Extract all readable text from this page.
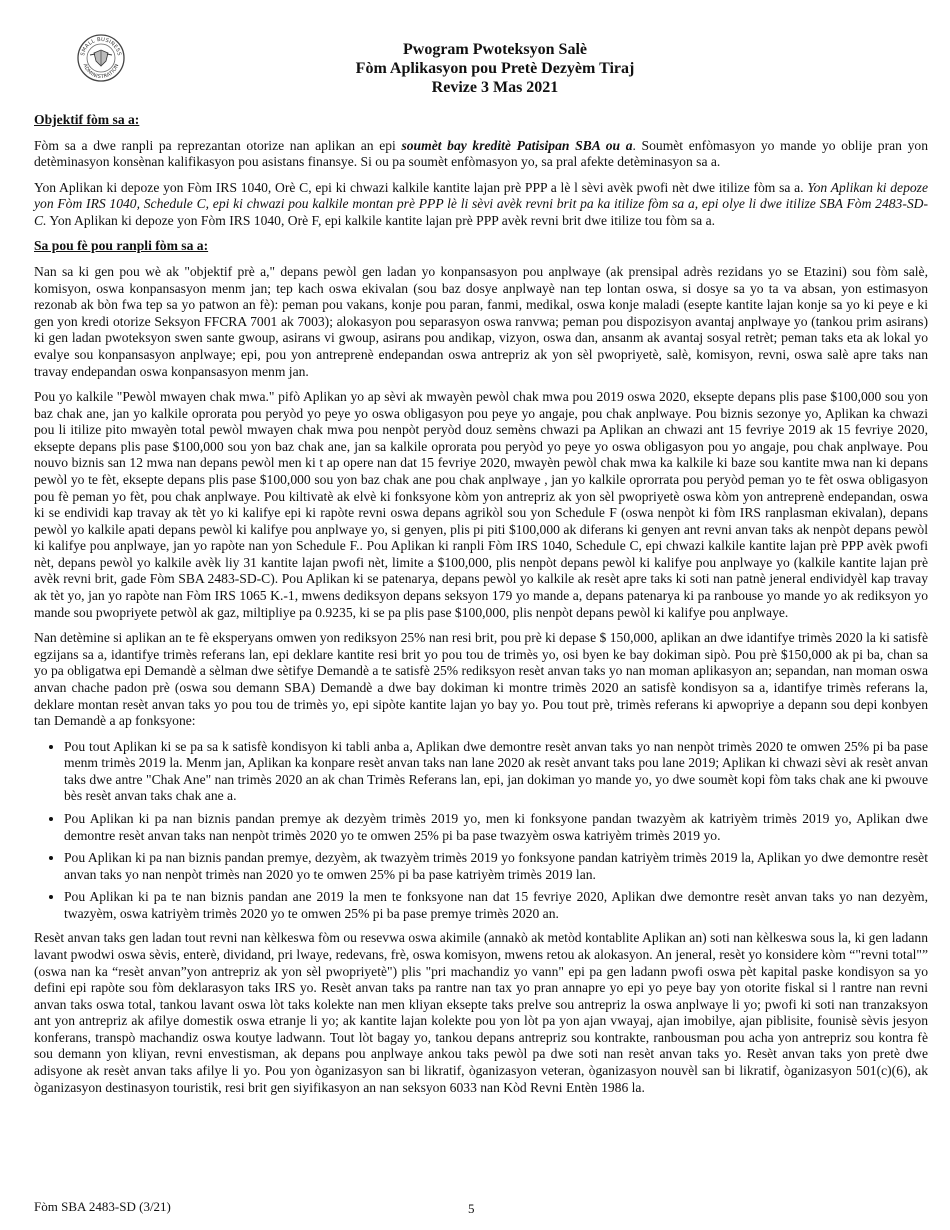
SMALL BUSINESS
ADMINISTRATION
Pwogram Pwoteksyon Salè
Fòm Aplikasyon pou Pretè Dezyèm Tiraj
Revize 3 Mas 2021
Objektif fòm sa a:

Fòm sa a dwe ranpli pa reprezantan otorize nan aplikan an epi soumèt bay kreditè Patisipan SBA ou a. Soumèt enfòmasyon yo mande yo oblije pran yon detèminasyon konsènan kalifikasyon pou asistans finansye. Si ou pa soumèt enfòmasyon yo, sa pral afekte detèminasyon sa a.

Yon Aplikan ki depoze yon Fòm IRS 1040, Orè C, epi ki chwazi kalkile kantite lajan prè PPP a lè l sèvi avèk pwofi nèt dwe itilize fòm sa a. Yon Aplikan ki depoze yon Fòm IRS 1040, Schedule C, epi ki chwazi pou kalkile montan prè PPP lè li sèvi avèk revni brit pa ka itilize fòm sa a, epi olye li dwe itilize SBA Fòm 2483-SD-C. Yon Aplikan ki depoze yon Fòm IRS 1040, Orè F, epi kalkile kantite lajan prè PPP avèk revni brit dwe itilize tou fòm sa a.

Sa pou fè pou ranpli fòm sa a:

Nan sa ki gen pou wè ak "objektif prè a," depans pewòl gen ladan yo konpansasyon pou anplwaye (ak prensipal adrès rezidans yo se Etazini) sou fòm salè, komisyon, oswa konpansasyon menm jan; tep kach oswa ekivalan (sou baz dosye anplwayè nan tep lontan oswa, si dosye sa yo ta va absan, yon estimasyon rezonab ak bòn fwa tep sa yo patwon an fè): peman pou vakans, konje pou paran, fanmi, medikal, oswa konje maladi (esepte kantite lajan konje sa yo ki peye e ki gen yon kredi otorize Seksyon FFCRA 7001 ak 7003); alokasyon pou separasyon oswa ranvwa; peman pou dispozisyon avantaj anplwaye yo (tankou prim asirans) ki gen ladan pwoteksyon swen sante gwoup, asirans vi gwoup, asirans pou andikap, vizyon, oswa dan, ansanm ak avantaj sosyal retrèt; peman taks eta ak lokal yo evalye sou konpansasyon anplwaye; epi, pou yon antreprenè endepandan oswa antrepriz ak yon sèl pwopriyetè, salè, komisyon, revni, oswa salè apre taks nan travay endepandan oswa konpansasyon menm jan.

Pou yo kalkile "Pewòl mwayen chak mwa." pifò Aplikan yo ap sèvi ak mwayèn pewòl chak mwa pou 2019 oswa 2020, eksepte depans plis pase $100,000 sou yon baz chak ane, jan yo kalkile oprorata pou peryòd yo peye yo oswa obligasyon pou peye yo angaje, pou chak anplwaye. Pou biznis sezonye yo, Aplikan ka chwazi pou li itilize pito mwayèn total pewòl mwayen chak mwa pou nenpòt peryòd douz semèns chwazi pa Aplikan an chwazi ant 15 fevriye 2019 ak 15 fevriye 2020, eksepte depans plis pase $100,000 sou yon baz chak ane, jan sa kalkile oprorata pou peryòd yo peye yo oswa obligasyon pou yo angaje, pou chak anplwaye. Pou nouvo biznis san 12 mwa nan depans pewòl men ki t ap opere nan dat 15 fevriye 2020, mwayèn pewòl chak mwa ka kalkile ki baze sou kantite mwa nan ki depans pewòl yo te fèt, eksepte depans plis pase $100,000 sou yon baz chak ane pou chak anplwaye , jan yo kalkile oprorrata pou peryòd peman yo te fèt oswa obligasyon pou fè peman yo fèt, pou chak anplwaye. Pou kiltivatè ak elvè ki fonksyone kòm yon antrepriz ak yon sèl pwopriyetè oswa kòm yon antreprenè endepandan, oswa ki se endividi kap travay ak tèt yo ki kalifye epi ki rapòte revni oswa depans agrikòl sou yon Schedule F (oswa nenpòt ki fòm IRS ranplasman ekivalan), depans pewòl yo kalkile apati depans pewòl ki kalifye pou anplwaye yo, si genyen, plis pi piti $100,000 ak diferans ki genyen ant revni anvan taks ak nenpòt depans pewòl ki kalifye pou anplwaye, jan yo rapòte nan yon Schedule F.. Pou Aplikan ki ranpli Fòm IRS 1040, Schedule C, epi chwazi kalkile kantite lajan prè PPP avèk pwofi nèt, depans pewòl yo kalkile avèk liy 31 kantite lajan pwofi nèt, limite a $100,000, plis nenpòt depans pewòl ki kalifye pou anplwaye yo (kalkile kantite lajan prè avèk revni brit, gade Fòm SBA 2483-SD-C). Pou Aplikan ki se patenarya, depans pewòl yo kalkile ak resèt apre taks ki soti nan patnè jeneral endividyèl kap travay ak tèt yo, jan yo rapòte nan Fòm IRS 1065 K.-1, mwens dediksyon depans seksyon 179 yo mande a, depans patenarya ki pa ranbouse yo mande yo ak rediksyon yo mande sou pwopriyete petwòl ak gaz, miltipliye pa 0.9235, ki se pa plis pase $100,000, plis nenpòt depans pewòl ki kalifye pou anplwaye.

Nan detèmine si aplikan an te fè eksperyans omwen yon rediksyon 25% nan resi brit, pou prè ki depase $ 150,000, aplikan an dwe idantifye trimès 2020 la ki satisfè egzijans sa a, idantifye trimès referans lan, epi deklare kantite resi brit yo pou tou de trimès yo, osi byen ke bay dokiman sipò. Pou prè $150,000 ak pi ba, chan sa yo pa obligatwa epi Demandè a sèlman dwe sètifye Demandè a te satisfè 25% rediksyon resèt anvan taks yo nan moman aplikasyon an; sepandan, nan moman oswa anvan chache padon prè (oswa sou demann SBA) Demandè a dwe bay dokiman ki montre trimès 2020 an satisfè kondisyon sa a, idantifye trimès referans la, deklare montan resèt anvan taks yo pou tou de trimès yo, epi sipòte kantite lajan yo bay yo. Pou tout prè, trimès referans ki apwopriye a depann sou depi konbyen tan Demandè a ap fonksyone:

• Pou tout Aplikan ki se pa sa k satisfè kondisyon ki tabli anba a, Aplikan dwe demontre resèt anvan taks yo nan nenpòt trimès 2020 te omwen 25% pi ba pase menm trimès 2019 la. Menm jan, Aplikan ka konpare resèt anvan taks nan lane 2020 ak resèt anvant taks pou lane 2019; Aplikan ki chwazi sèvi ak resèt anvan taks dwe antre "Chak Ane" nan trimès 2020 an ak chan Trimès Referans lan, epi, jan dokiman yo mande yo, yo dwe soumèt kopi fòm taks chak ane ki pwouve bès resèt anvan taks chak ane a.
• Pou Aplikan ki pa nan biznis pandan premye ak dezyèm trimès 2019 yo, men ki fonksyone pandan twazyèm ak katriyèm trimès 2019 yo, Aplikan dwe demontre resèt anvan taks nan nenpòt trimès 2020 yo te omwen 25% pi ba pase twazyèm oswa katriyèm trimès 2019 yo.
• Pou Aplikan ki pa nan biznis pandan premye, dezyèm, ak twazyèm trimès 2019 yo fonksyone pandan katriyèm trimès 2019 la, Aplikan yo dwe demontre resèt anvan taks yo nan nenpòt trimès nan 2020 yo te omwen 25% pi ba pase katriyèm trimès 2019 lan.
• Pou Aplikan ki pa te nan biznis pandan ane 2019 la men te fonksyone nan dat 15 fevriye 2020, Aplikan dwe demontre resèt anvan taks yo nan dezyèm, twazyèm, oswa katriyèm trimès 2020 yo te omwen 25% pi ba pase premye trimès 2020 an.

Resèt anvan taks gen ladan tout revni nan kèlkeswa fòm ou resevwa oswa akimile (annakò ak metòd kontablite Aplikan an) soti nan kèlkeswa sous la, ki gen ladann lavant pwodwi oswa sèvis, enterè, dividand, pri lwaye, redevans, frè, oswa komisyon, mwens retou ak alokasyon. An jeneral, resèt yo konsidere kòm “"revni total"” (oswa nan ka “resèt anvan”yon antrepriz ak yon sèl pwopriyetè") plis "pri machandiz yo vann" epi pa gen ladann pwofi oswa pèt kapital paske kondisyon sa yo defini epi rapòte sou fòm deklarasyon taks IRS yo. Resèt anvan taks pa rantre nan tax yo pran annapre yo epi yo peye bay yon otorite fiskal si l rantre nan revni anvan taks oswa total, tankou lavant oswa lòt taks kolekte nan men kliyan eksepte taks prelve sou antrepriz la oswa anplwaye li yo; pwofi ki soti nan tranzaksyon ant yon antrepriz ak afilye domestik oswa etranje li yo; ak kantite lajan kolekte pou yon lòt pa yon ajan vwayaj, ajan imobilye, ajan piblisite, founisè sèvis jesyon konferans, transpò machandiz oswa koutye ladwann. Tout lòt bagay yo, tankou depans antrepriz sou kontrakte, ranbousman pou acha yon antrepriz sou kontra fè sou demann yon kliyan, revni envestisman, ak depans pou anplwaye ankou taks pewòl pa dwe soti nan resèt anvan taks yo. Resèt anvan taks yon pretè dwe adisyone ak resèt anvan taks afilye li yo. Pou yon òganizasyon san bi likratif, òganizasyon veteran, òganizasyon nouvèl san bi likratif, òganizasyon 501(c)(6), ak òganizasyon destinasyon touristik, resi brit gen siyifikasyon an nan seksyon 6033 nan Kòd Revni Entèn 1986 la.

Fòm SBA 2483-SD (3/21)	5
